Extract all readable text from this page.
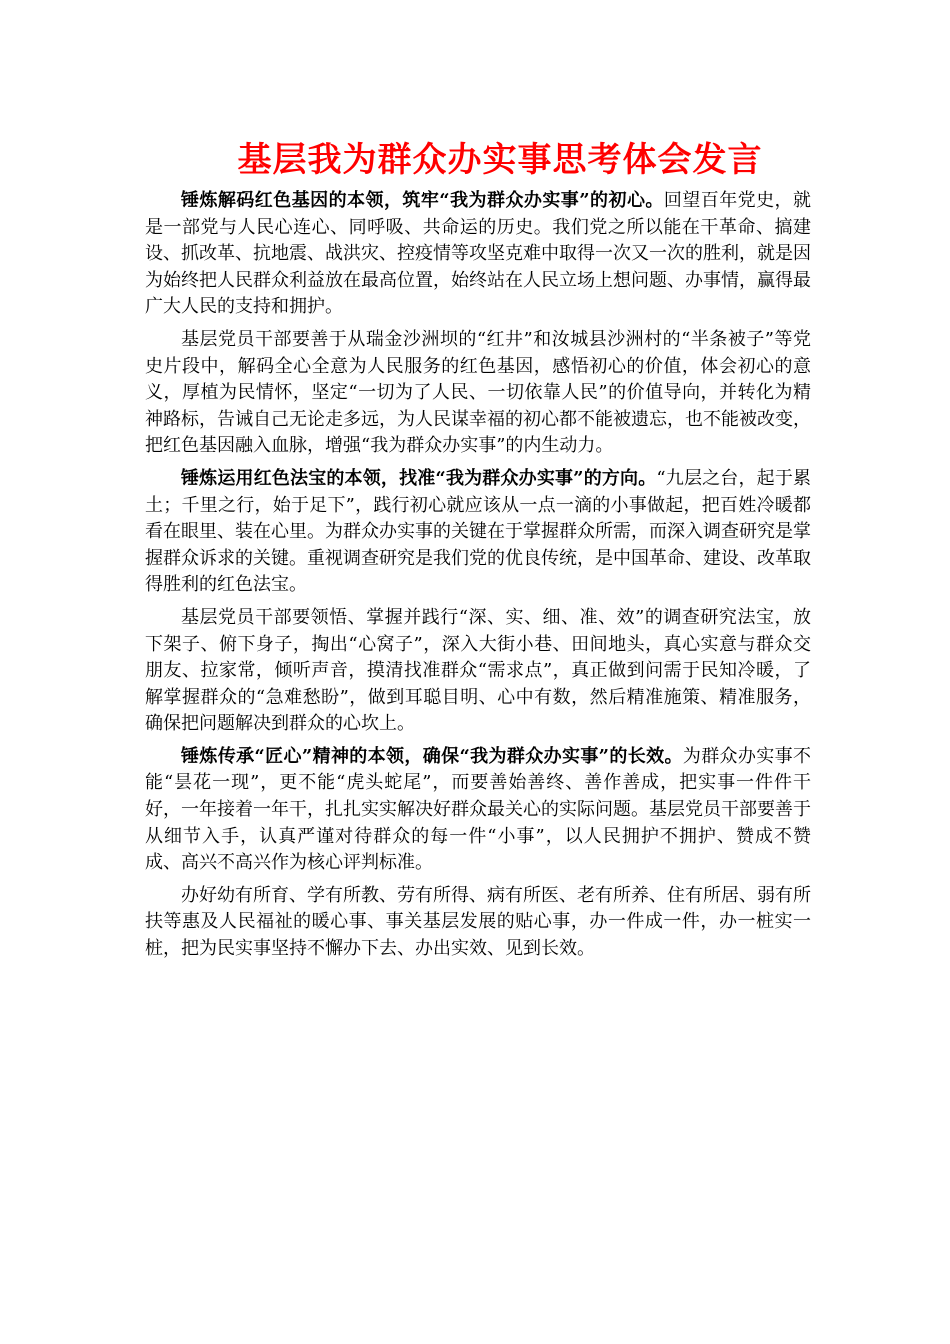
基层我为群众办实事思考体会发言

锤炼解码红色基因的本领，筑牢“我为群众办实事”的初心。回望百年党史，就是一部党与人民心连心、同呼吸、共命运的历史。我们党之所以能在干革命、搞建设、抓改革、抗地震、战洪灾、控疫情等攻坚克难中取得一次又一次的胜利，就是因为始终把人民群众利益放在最高位置，始终站在人民立场上想问题、办事情，赢得最广大人民的支持和拥护。

基层党员干部要善于从瑞金沙洲坝的“红井”和汝城县沙洲村的“半条被子”等党史片段中，解码全心全意为人民服务的红色基因，感悟初心的价值，体会初心的意义，厚植为民情怀，坚定“一切为了人民、一切依靠人民”的价值导向，并转化为精神路标，告诫自己无论走多远，为人民谋幸福的初心都不能被遗忘，也不能被改变，把红色基因融入血脉，增强“我为群众办实事”的内生动力。

锤炼运用红色法宝的本领，找准“我为群众办实事”的方向。“九层之台，起于累土；千里之行，始于足下”，践行初心就应该从一点一滴的小事做起，把百姓冷暖都看在眼里、装在心里。为群众办实事的关键在于掌握群众所需，而深入调查研究是掌握群众诉求的关键。重视调查研究是我们党的优良传统，是中国革命、建设、改革取得胜利的红色法宝。

基层党员干部要领悟、掌握并践行“深、实、细、准、效”的调查研究法宝，放下架子、俯下身子，掏出“心窝子”，深入大街小巷、田间地头，真心实意与群众交朋友、拉家常，倾听声音，摸清找准群众“需求点”，真正做到问需于民知冷暖，了解掌握群众的“急难愁盼”，做到耳聪目明、心中有数，然后精准施策、精准服务，确保把问题解决到群众的心坎上。

锤炼传承“匠心”精神的本领，确保“我为群众办实事”的长效。为群众办实事不能“昙花一现”，更不能“虎头蛇尾”，而要善始善终、善作善成，把实事一件件干好，一年接着一年干，扎扎实实解决好群众最关心的实际问题。基层党员干部要善于从细节入手，认真严谨对待群众的每一件“小事”，以人民拥护不拥护、赞成不赞成、高兴不高兴作为核心评判标准。

办好幼有所育、学有所教、劳有所得、病有所医、老有所养、住有所居、弱有所扶等惠及人民福祉的暖心事、事关基层发展的贴心事，办一件成一件，办一桩实一桩，把为民实事坚持不懈办下去、办出实效、见到长效。
